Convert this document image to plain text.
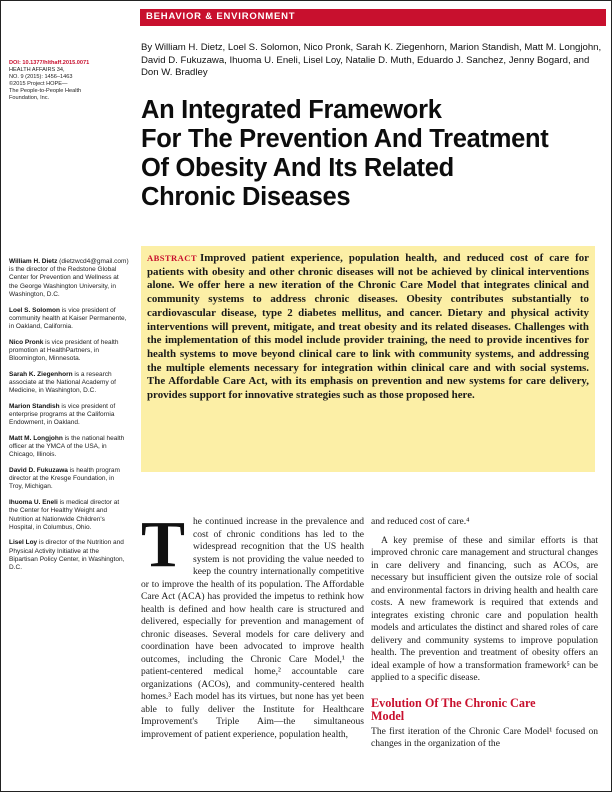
BEHAVIOR & ENVIRONMENT
DOI: 10.1377/hlthaff.2015.0071
HEALTH AFFAIRS 34,
NO. 9 (2015): 1456–1463
©2015 Project HOPE—
The People-to-People Health
Foundation, Inc.
By William H. Dietz, Loel S. Solomon, Nico Pronk, Sarah K. Ziegenhorn, Marion Standish, Matt M. Longjohn, David D. Fukuzawa, Ihuoma U. Eneli, Lisel Loy, Natalie D. Muth, Eduardo J. Sanchez, Jenny Bogard, and Don W. Bradley
An Integrated Framework
For The Prevention And Treatment
Of Obesity And Its Related
Chronic Diseases
William H. Dietz (dietzwcd4@gmail.com) is the director of the Redstone Global Center for Prevention and Wellness at the George Washington University, in Washington, D.C.
Loel S. Solomon is vice president of community health at Kaiser Permanente, in Oakland, California.
Nico Pronk is vice president of health promotion at HealthPartners, in Bloomington, Minnesota.
Sarah K. Ziegenhorn is a research associate at the National Academy of Medicine, in Washington, D.C.
Marion Standish is vice president of enterprise programs at the California Endowment, in Oakland.
Matt M. Longjohn is the national health officer at the YMCA of the USA, in Chicago, Illinois.
David D. Fukuzawa is health program director at the Kresge Foundation, in Troy, Michigan.
Ihuoma U. Eneli is medical director at the Center for Healthy Weight and Nutrition at Nationwide Children's Hospital, in Columbus, Ohio.
Lisel Loy is director of the Nutrition and Physical Activity Initiative at the Bipartisan Policy Center, in Washington, D.C.

ABSTRACT Improved patient experience, population health, and reduced cost of care for patients with obesity and other chronic diseases will not be achieved by clinical interventions alone. We offer here a new iteration of the Chronic Care Model that integrates clinical and community systems to address chronic diseases. Obesity contributes substantially to cardiovascular disease, type 2 diabetes mellitus, and cancer. Dietary and physical activity interventions will prevent, mitigate, and treat obesity and its related diseases. Challenges with the implementation of this model include provider training, the need to provide incentives for health systems to move beyond clinical care to link with community systems, and addressing the multiple elements necessary for integration within clinical care and with social systems. The Affordable Care Act, with its emphasis on prevention and new systems for care delivery, provides support for innovative strategies such as those proposed here.

The continued increase in the prevalence and cost of chronic conditions has led to the widespread recognition that the US health system is not providing the value needed to keep the country internationally competitive or to improve the health of its population. The Affordable Care Act (ACA) has provided the impetus to rethink how health is defined and how health care is structured and delivered, especially for prevention and management of chronic diseases. Several models for care delivery and coordination have been advocated to improve health outcomes, including the Chronic Care Model,¹ the patient-centered medical home,² accountable care organizations (ACOs), and community-centered health homes.³ Each model has its virtues, but none has yet been able to fully deliver the Institute for Healthcare Improvement's Triple Aim—the simultaneous improvement of patient experience, population health,

and reduced cost of care.⁴

A key premise of these and similar efforts is that improved chronic care management and structural changes in care delivery and financing, such as ACOs, are necessary but insufficient given the outsize role of social and environmental factors in driving health and health care costs. A new framework is required that extends and integrates existing chronic care and population health models and articulates the distinct and shared roles of care delivery and community systems to improve population health. The prevention and treatment of obesity offers an ideal example of how a transformation framework⁵ can be applied to a specific disease.

Evolution Of The Chronic Care
Model

The first iteration of the Chronic Care Model¹ focused on changes in the organization of the
